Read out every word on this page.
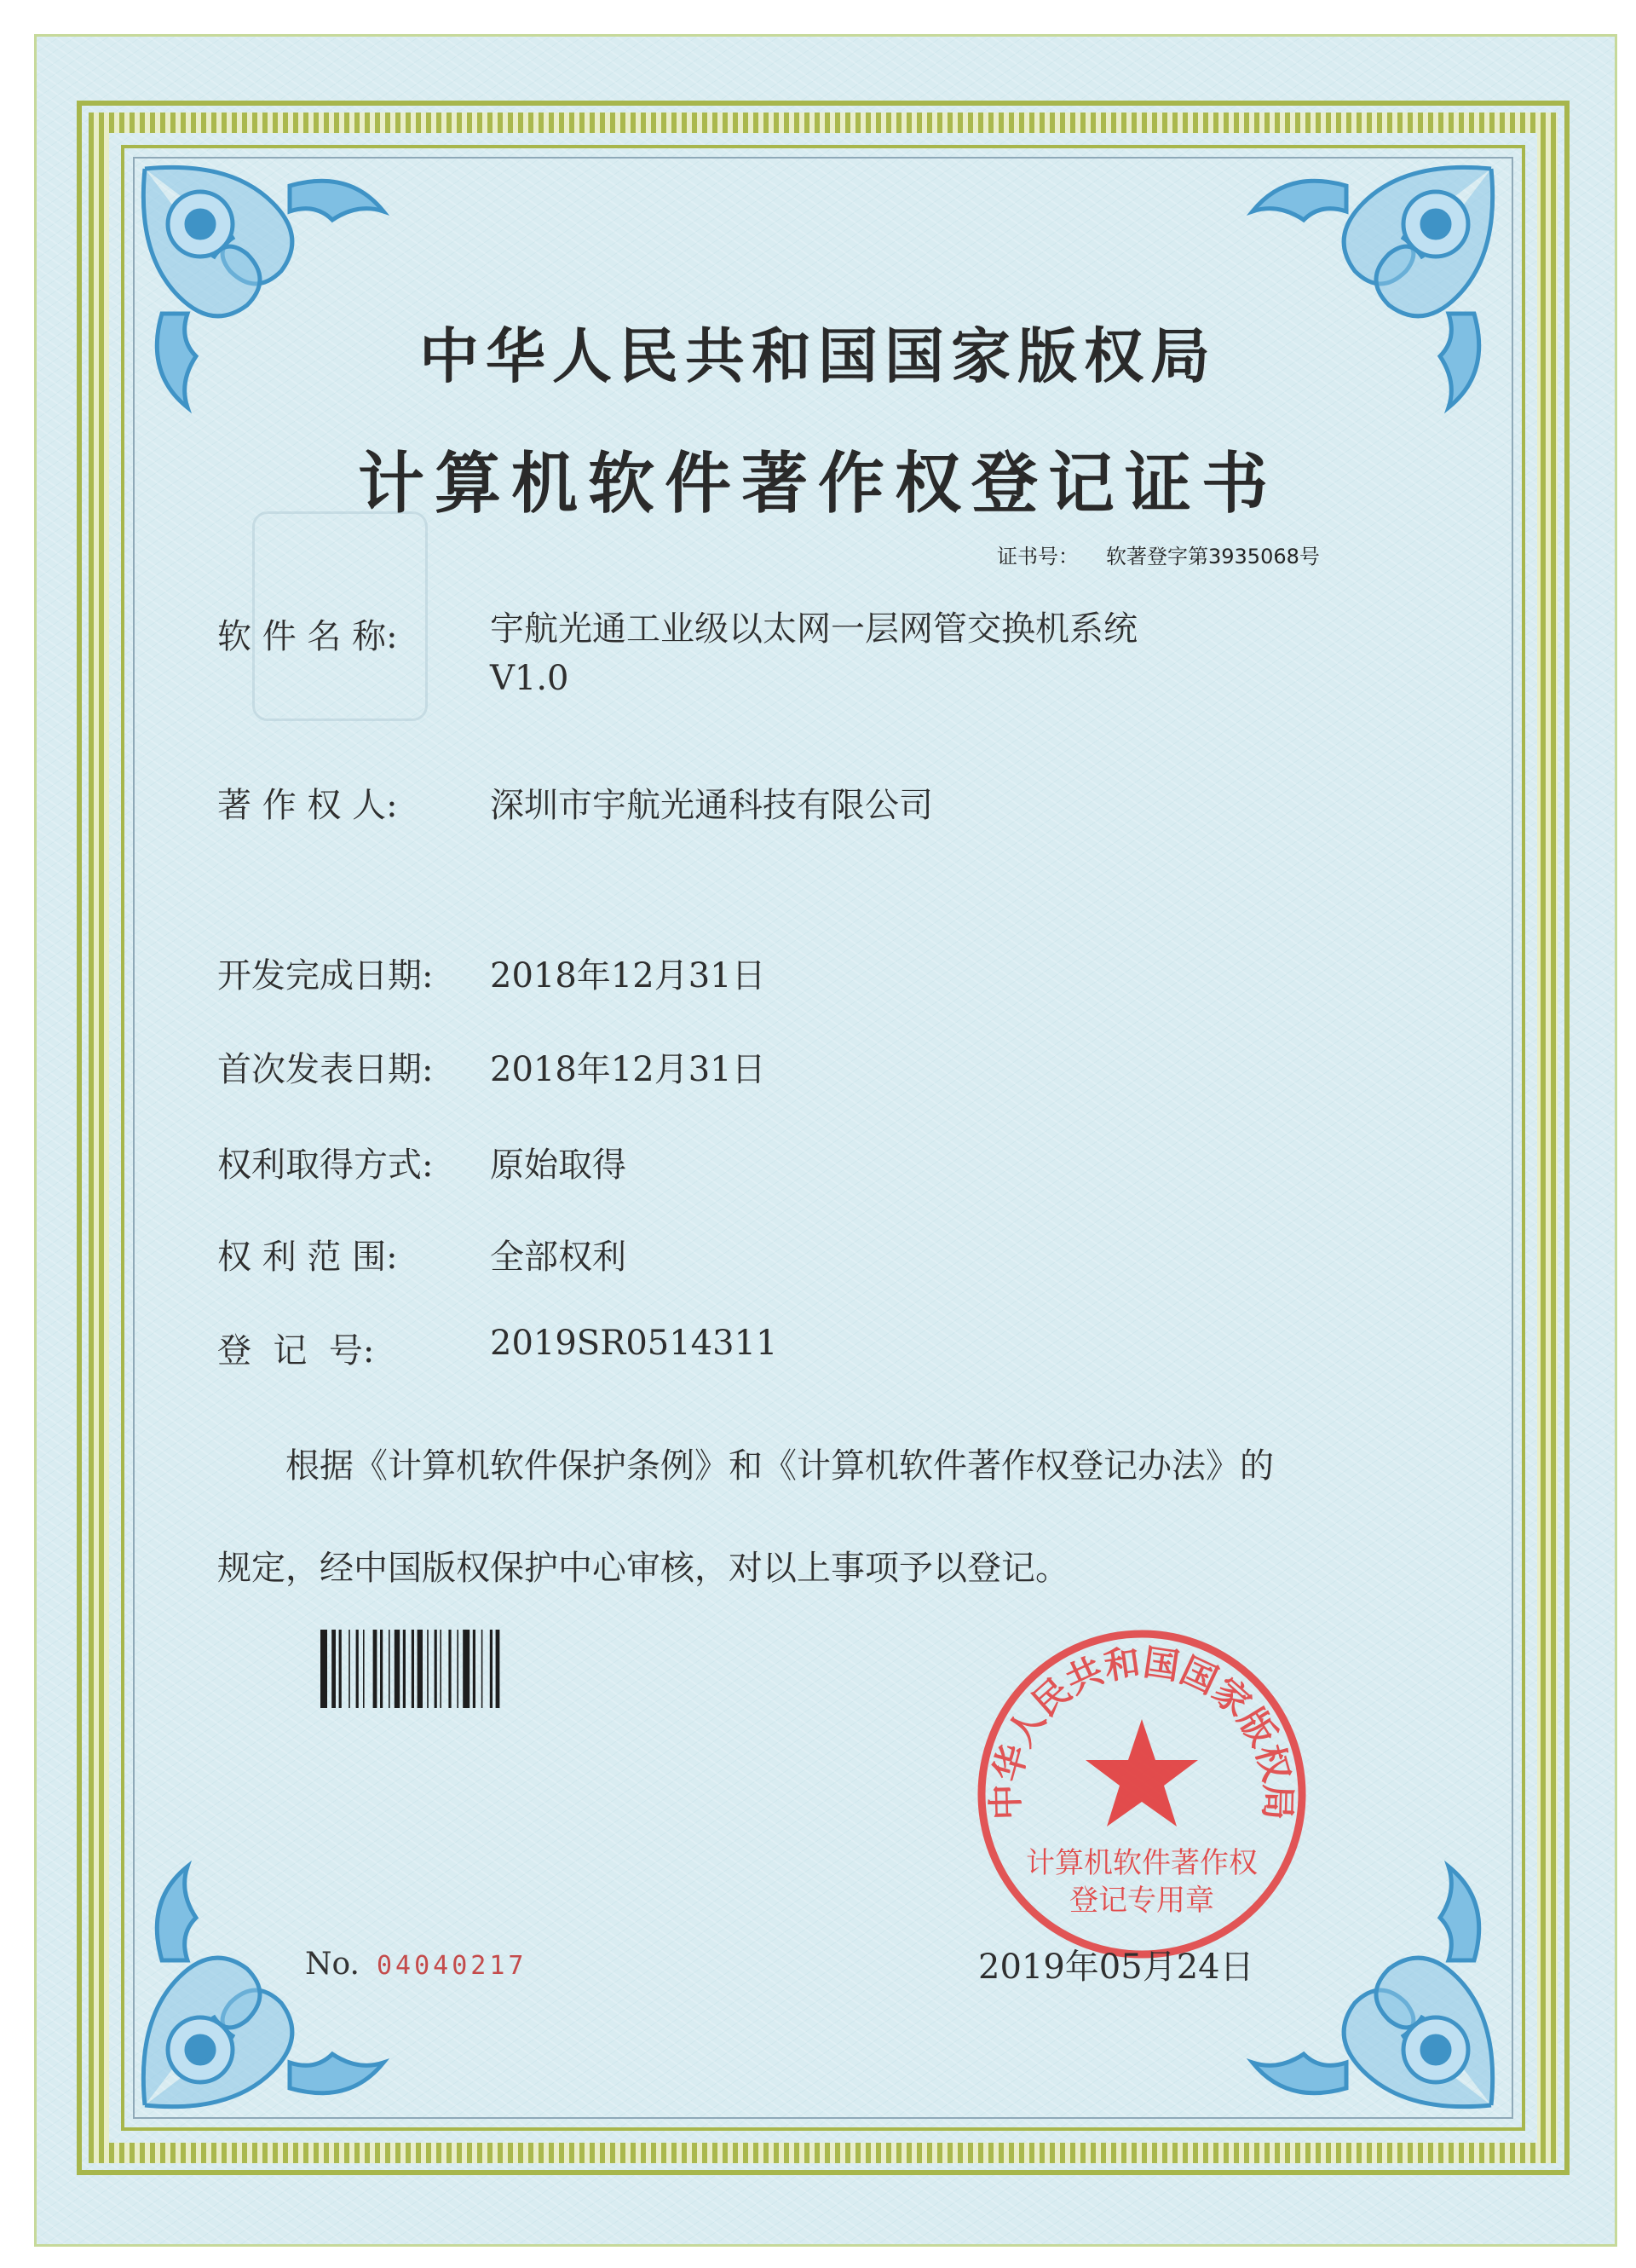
中华人民共和国国家版权局
计算机软件著作权登记证书
证书号： 软著登字第3935068号
软 件 名 称:	宇航光通工业级以太网一层网管交换机系统
V1.0
著 作 权 人:	深圳市宇航光通科技有限公司
开发完成日期: 2018年12月31日
首次发表日期: 2018年12月31日
权利取得方式: 原始取得
权 利 范 围:	全部权利
登  记  号:	2019SR0514311
根据《计算机软件保护条例》和《计算机软件著作权登记办法》的
规定，经中国版权保护中心审核，对以上事项予以登记。
No. 04040217
中华人民共和国国家版权局
计算机软件著作权
登记专用章
2019年05月24日
